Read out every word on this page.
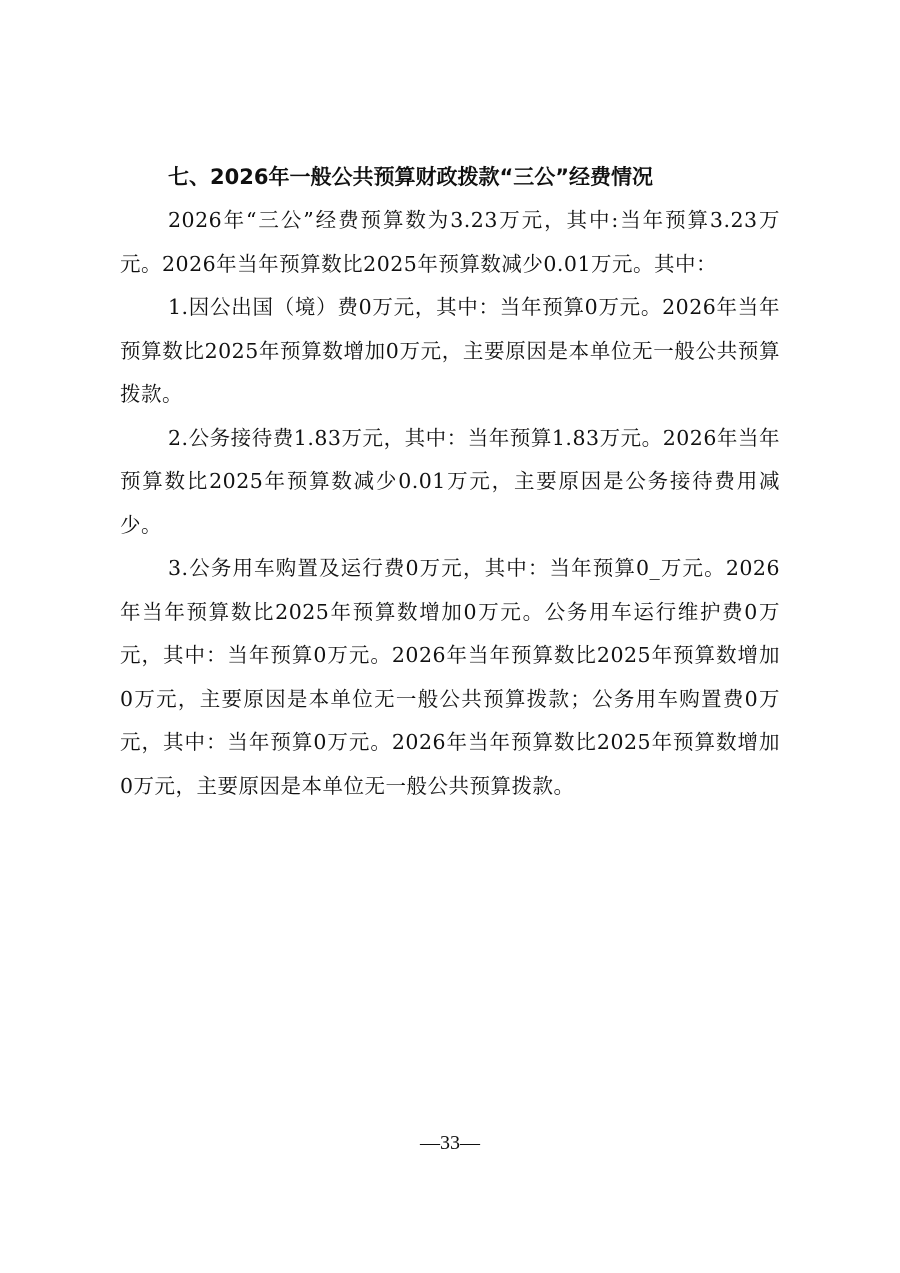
七、2026年一般公共预算财政拨款“三公”经费情况

2026年“三公”经费预算数为3.23万元，其中:当年预算3.23万元。2026年当年预算数比2025年预算数减少0.01万元。其中：

1.因公出国（境）费0万元，其中：当年预算0万元。2026年当年预算数比2025年预算数增加0万元，主要原因是本单位无一般公共预算拨款。

2.公务接待费1.83万元，其中：当年预算1.83万元。2026年当年预算数比2025年预算数减少0.01万元，主要原因是公务接待费用减少。

3.公务用车购置及运行费0万元，其中：当年预算0_万元。2026年当年预算数比2025年预算数增加0万元。公务用车运行维护费0万元，其中：当年预算0万元。2026年当年预算数比2025年预算数增加0万元，主要原因是本单位无一般公共预算拨款；公务用车购置费0万元，其中：当年预算0万元。2026年当年预算数比2025年预算数增加0万元，主要原因是本单位无一般公共预算拨款。

—33—
